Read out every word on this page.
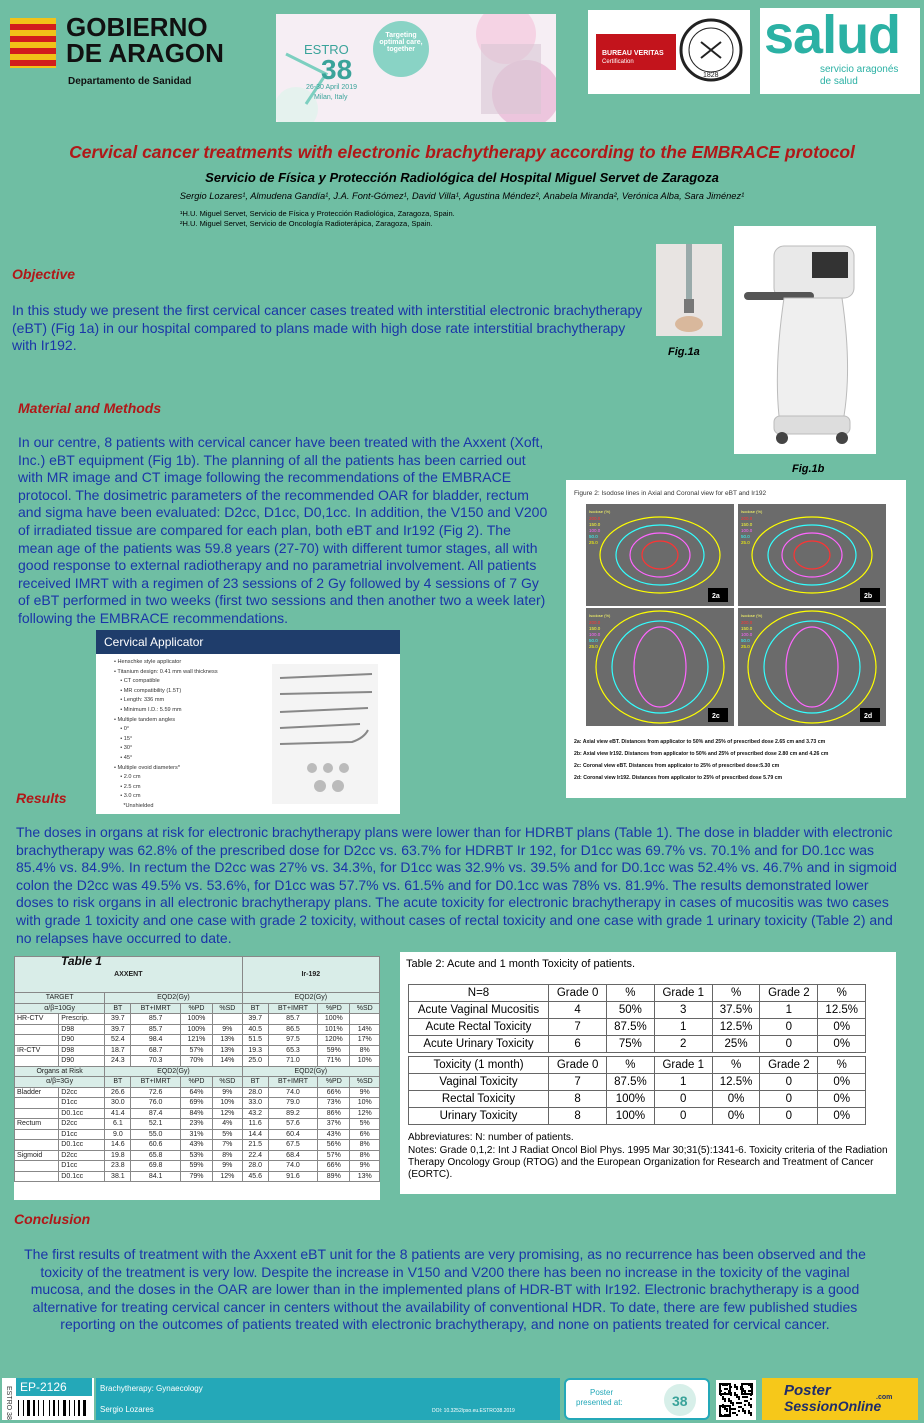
GOBIERNO
DE ARAGON
Departamento de Sanidad
Targeting optimal care, together
ESTRO
38
26-30 April 2019
Milan, Italy
BUREAU VERITAS
Certification
1828
salud
servicio aragonés
de salud
Cervical cancer treatments with electronic brachytherapy according to the EMBRACE protocol
Servicio de Física y Protección Radiológica del Hospital Miguel Servet de Zaragoza
Sergio Lozares¹, Almudena Gandía¹, J.A. Font-Gómez¹, David Villa¹, Agustina Méndez², Anabela Miranda², Verónica Alba, Sara Jiménez¹
¹H.U. Miguel Servet, Servicio de Física y Protección Radiológica, Zaragoza, Spain.
²H.U. Miguel Servet, Servicio de Oncología Radioterápica, Zaragoza, Spain.
Objective
In this study we present the first cervical cancer cases treated with interstitial electronic brachytherapy (eBT) (Fig 1a) in our hospital compared to plans made with high dose rate interstitial brachytherapy with Ir192.	Fig.1a
Fig.1b
Material and Methods
In our centre, 8 patients with cervical cancer have been treated with the Axxent (Xoft, Inc.) eBT equipment (Fig 1b). The planning of all the patients has been carried out with MR image and CT image following the recommendations of the EMBRACE protocol. The dosimetric parameters of the recommended OAR for bladder, rectum and sigma have been evaluated: D2cc, D1cc, D0,1cc. In addition, the V150 and V200 of irradiated tissue are compared for each plan, both eBT and Ir192 (Fig 2). The mean age of the patients was 59.8 years (27-70) with different tumor stages, all with good response to external radiotherapy and no parametrial involvement. All patients received IMRT with a regimen of 23 sessions of 2 Gy followed by 4 sessions of 7 Gy of eBT performed in two weeks (first two sessions and then another two a week later) following the EMBRACE recommendations.
Cervical Applicator
• Henschke style applicator
• Titanium design: 0.41 mm wall thickness
• CT compatible
• MR compatibility (1.5T)
• Length: 336 mm
• Minimum I.D.: 5.59 mm
• Multiple tandem angles
• 0°
• 15°
• 30°
• 45°
• Multiple ovoid diameters*
• 2.0 cm
• 2.5 cm
• 3.0 cm
*Unshielded
Figure 2: Isodose lines in Axial and Coronal view for eBT and Ir192
Isodose (%)
200.0
150.0
100.0
50.0
25.0
2a
Isodose (%)
200.0
150.0
100.0
50.0
25.0
2b
Isodose (%)
200.0
150.0
100.0
50.0
25.0
2c
Isodose (%)
200.0
150.0
100.0
50.0
25.0
2d
2a: Axial view eBT. Distances from applicator to 50% and 25% of prescribed dose 2.65 cm and 3.73 cm
2b: Axial view Ir192. Distances from applicator to 50% and 25% of prescribed dose 2.80 cm and 4.26 cm
2c: Coronal view eBT. Distances from applicator to 25% of prescribed dose:5.30 cm
2d: Coronal view Ir192. Distances from applicator to 25% of prescribed dose 5.79 cm
Results
The doses in organs at risk for electronic brachytherapy plans were lower than for HDRBT plans (Table 1). The dose in bladder with electronic brachytherapy was 62.8% of the prescribed dose for D2cc vs. 63.7% for HDRBT Ir 192, for D1cc was 69.7% vs. 70.1% and for D0.1cc was 85.4% vs. 84.9%. In rectum the D2cc was 27% vs. 34.3%, for D1cc was 32.9% vs. 39.5% and for D0.1cc was 52.4% vs. 46.7% and in sigmoid colon the D2cc was 49.5% vs. 53.6%, for D1cc was 57.7% vs. 61.5% and for D0.1cc was 78% vs. 81.9%. The results demonstrated lower doses to risk organs in all electronic brachytherapy plans. The acute toxicity for electronic brachytherapy in cases of mucositis was two cases with grade 1 toxicity and one case with grade 2 toxicity, without cases of rectal toxicity and one case with grade 1 urinary toxicity (Table 2) and no relapses have occurred to date.
Table 1
AXXENT						Ir-192			
TARGET		EQD2(Gy)				EQD2(Gy)			
α/β=10Gy		BT	BT+IMRT	%PD	%SD	BT	BT+IMRT	%PD	%SD
HR-CTV	Prescrip.	39.7	85.7	100%		39.7	85.7	100%	
	D98	39.7	85.7	100%	9%	40.5	86.5	101%	14%
	D90	52.4	98.4	121%	13%	51.5	97.5	120%	17%
IR-CTV	D98	18.7	68.7	57%	13%	19.3	65.3	59%	8%
	D90	24.3	70.3	70%	14%	25.0	71.0	71%	10%
Organs at Risk		EQD2(Gy)				EQD2(Gy)			
α/β=3Gy		BT	BT+IMRT	%PD	%SD	BT	BT+IMRT	%PD	%SD
Bladder	D2cc	26.6	72.6	64%	9%	28.0	74.0	66%	9%
	D1cc	30.0	76.0	69%	10%	33.0	79.0	73%	10%
	D0.1cc	41.4	87.4	84%	12%	43.2	89.2	86%	12%
Rectum	D2cc	6.1	52.1	23%	4%	11.6	57.6	37%	5%
	D1cc	9.0	55.0	31%	5%	14.4	60.4	43%	6%
	D0.1cc	14.6	60.6	43%	7%	21.5	67.5	56%	8%
Sigmoid	D2cc	19.8	65.8	53%	8%	22.4	68.4	57%	8%
	D1cc	23.8	69.8	59%	9%	28.0	74.0	66%	9%
	D0.1cc	38.1	84.1	79%	12%	45.6	91.6	89%	13%
Table 2: Acute and 1 month Toxicity of patients.
N=8	Grade 0	%	Grade 1	%	Grade 2	%
Acute Vaginal Mucositis	4	50%	3	37.5%	1	12.5%
Acute Rectal Toxicity	7	87.5%	1	12.5%	0	0%
Acute Urinary Toxicity	6	75%	2	25%	0	0%

Toxicity (1 month)	Grade 0	%	Grade 1	%	Grade 2	%
Vaginal Toxicity	7	87.5%	1	12.5%	0	0%
Rectal Toxicity	8	100%	0	0%	0	0%
Urinary Toxicity	8	100%	0	0%	0	0%
Abbreviatures: N: number of patients.
Notes: Grade 0,1,2: Int J Radiat Oncol Biol Phys. 1995 Mar 30;31(5):1341-6. Toxicity criteria of the Radiation Therapy Oncology Group (RTOG) and the European Organization for Research and Treatment of Cancer (EORTC).
Conclusion
The first results of treatment with the Axxent eBT unit for the 8 patients are very promising, as no recurrence has been observed and the toxicity of the treatment is very low. Despite the increase in V150 and V200 there has been no increase in the toxicity of the vaginal mucosa, and the doses in the OAR are lower than in the implemented plans of HDR-BT with Ir192. Electronic brachytherapy is a good alternative for treating cervical cancer in centers without the availability of conventional HDR. To date, there are few published studies reporting on the outcomes of patients treated with electronic brachytherapy, and none on patients treated for cervical cancer.
ESTRO 38 EP-2126	Brachytherapy: Gynaecology
Sergio Lozares	DOI: 10.3252/pso.eu.ESTRO38.2019
Poster
presented at:	38
Poster
SessionOnline
.com
